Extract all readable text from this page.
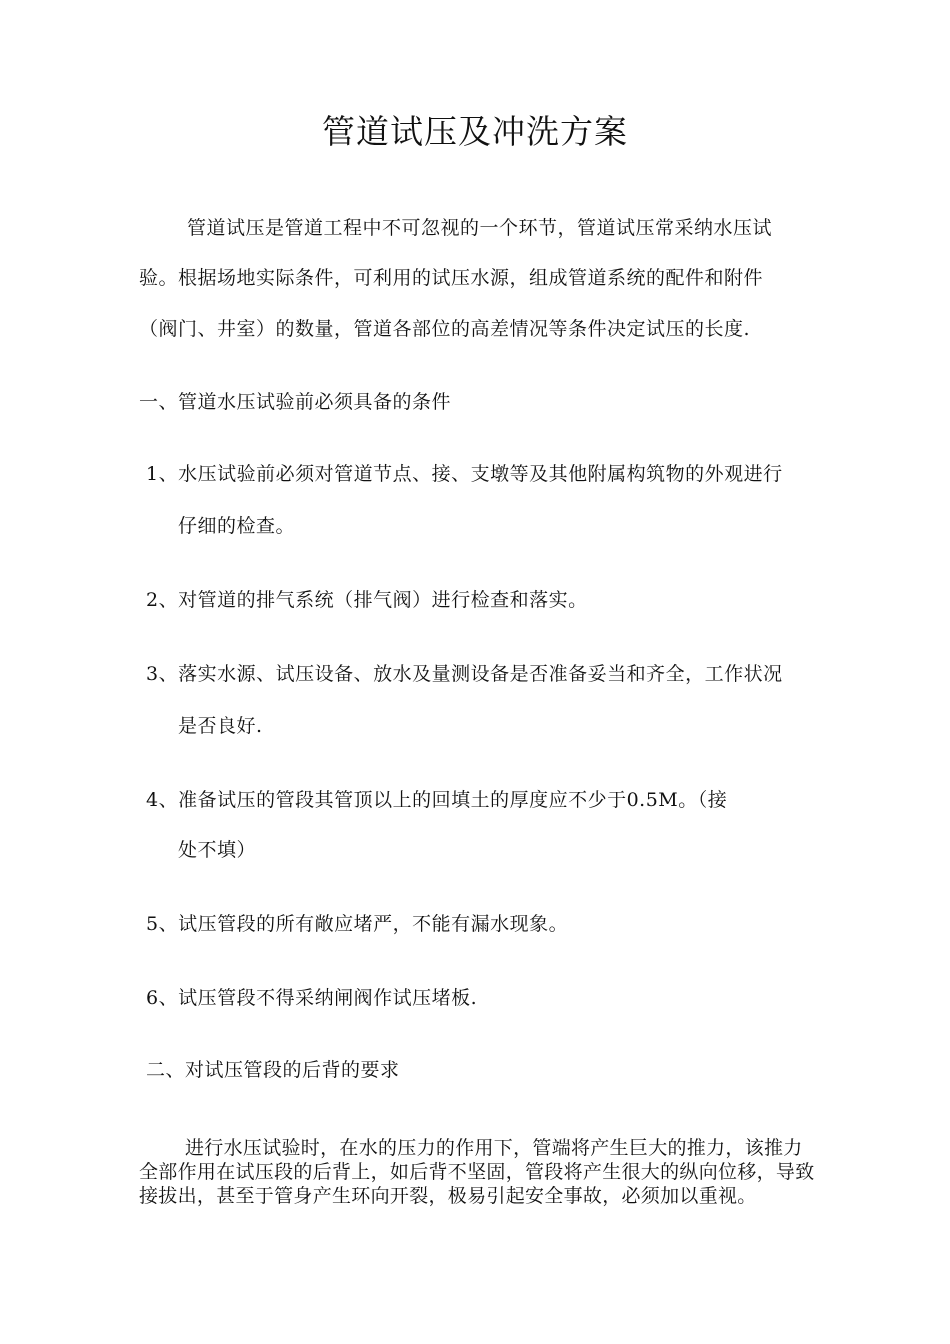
管道试压及冲洗方案

管道试压是管道工程中不可忽视的一个环节，管道试压常采纳水压试

验。根据场地实际条件，可利用的试压水源，组成管道系统的配件和附件

（阀门、井室）的数量，管道各部位的高差情况等条件决定试压的长度.

一、管道水压试验前必须具备的条件

1、水压试验前必须对管道节点、接、支墩等及其他附属构筑物的外观进行

仔细的检查。

2、对管道的排气系统（排气阀）进行检查和落实。

3、落实水源、试压设备、放水及量测设备是否准备妥当和齐全，工作状况

是否良好.

4、准备试压的管段其管顶以上的回填土的厚度应不少于0.5M。（接

处不填）

5、试压管段的所有敞应堵严，不能有漏水现象。

6、试压管段不得采纳闸阀作试压堵板.

二、对试压管段的后背的要求

进行水压试验时，在水的压力的作用下，管端将产生巨大的推力，该推力全部作用在试压段的后背上，如后背不坚固，管段将产生很大的纵向位移，导致接拔出，甚至于管身产生环向开裂，极易引起安全事故，必须加以重视。
